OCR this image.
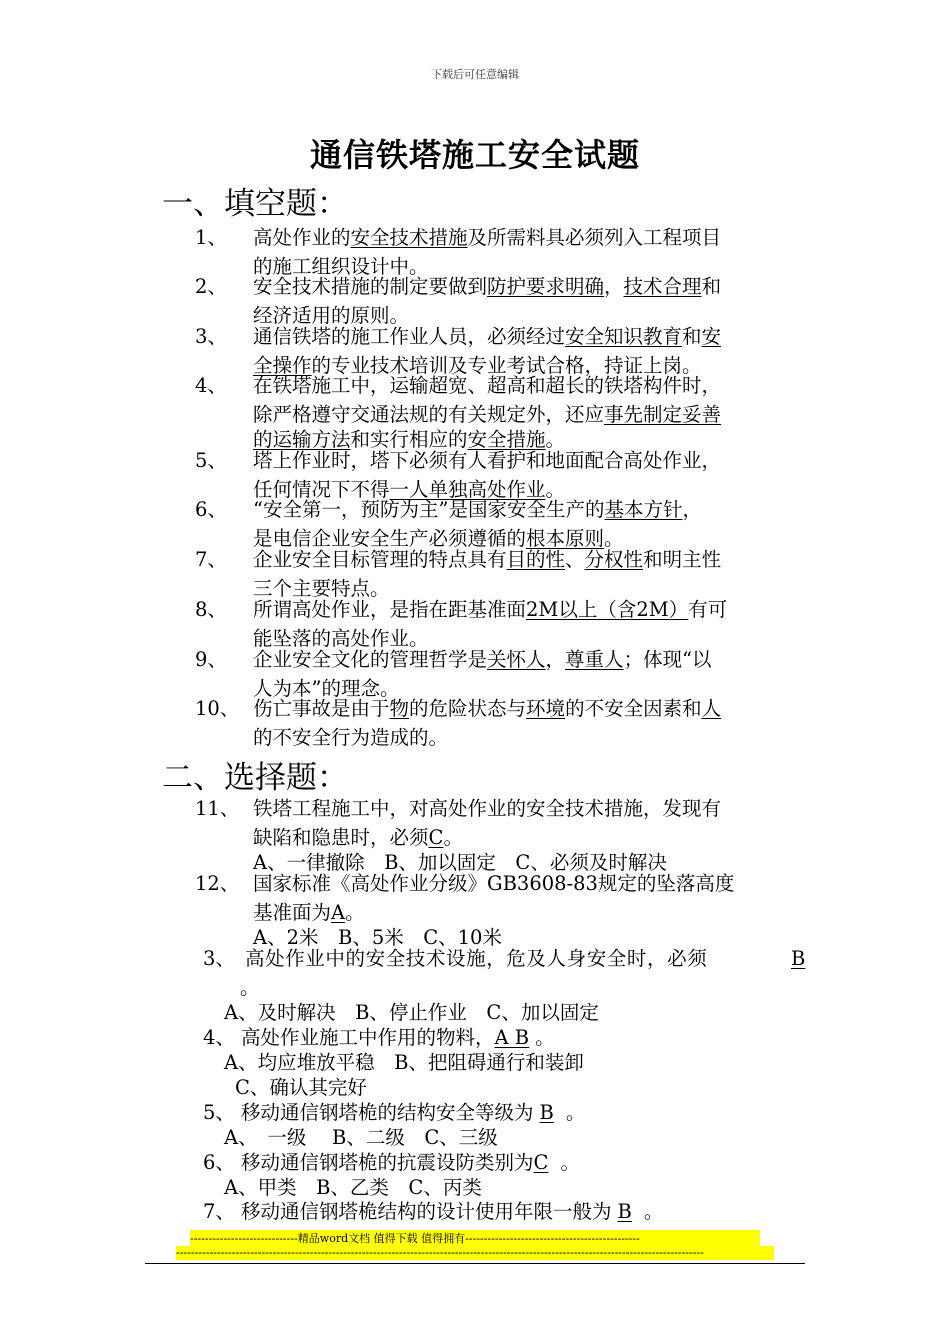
下载后可任意编辑
通信铁塔施工安全试题
一、填空题：
1、 高处作业的安全技术措施及所需料具必须列入工程项目
的施工组织设计中。
2、 安全技术措施的制定要做到防护要求明确，技术合理和
经济适用的原则。
3、 通信铁塔的施工作业人员，必须经过安全知识教育和安
全操作的专业技术培训及专业考试合格，持证上岗。
4、 在铁塔施工中，运输超宽、超高和超长的铁塔构件时，
除严格遵守交通法规的有关规定外，还应事先制定妥善
的运输方法和实行相应的安全措施。
5、 塔上作业时，塔下必须有人看护和地面配合高处作业，
任何情况下不得一人单独高处作业。
6、 “安全第一，预防为主”是国家安全生产的基本方针，
是电信企业安全生产必须遵循的根本原则。
7、 企业安全目标管理的特点具有目的性、分权性和明主性
三个主要特点。
8、 所谓高处作业，是指在距基准面2M以上（含2M）有可
能坠落的高处作业。
9、 企业安全文化的管理哲学是关怀人，尊重人；体现“以
人为本”的理念。
10、 伤亡事故是由于物的危险状态与环境的不安全因素和人
的不安全行为造成的。
二、选择题：
11、 铁塔工程施工中，对高处作业的安全技术措施，发现有
缺陷和隐患时，必须C。
A、一律撤除　B、加以固定　C、必须及时解决
12、 国家标准《高处作业分级》GB3608-83规定的坠落高度
基准面为A。
A、2米　B、5米　C、10米
3、 高处作业中的安全技术设施，危及人身安全时，必须	B
。
A、及时解决　B、停止作业　C、加以固定
4、 高处作业施工中作用的物料，A B 。
A、均应堆放平稳　B、把阻碍通行和装卸
C、确认其完好
5、 移动通信钢塔桅的结构安全等级为 B 。
A、　一级　 B、二级　C、三级
6、 移动通信钢塔桅的抗震设防类别为C 。
A、甲类　B、乙类　C、丙类
7、 移动通信钢塔桅结构的设计使用年限一般为 B 。
-----------------------------精品word文档 值得下载 值得拥有-----------------------------------------------
----------------------------------------------------------------------------------------------------------------------------------------------
